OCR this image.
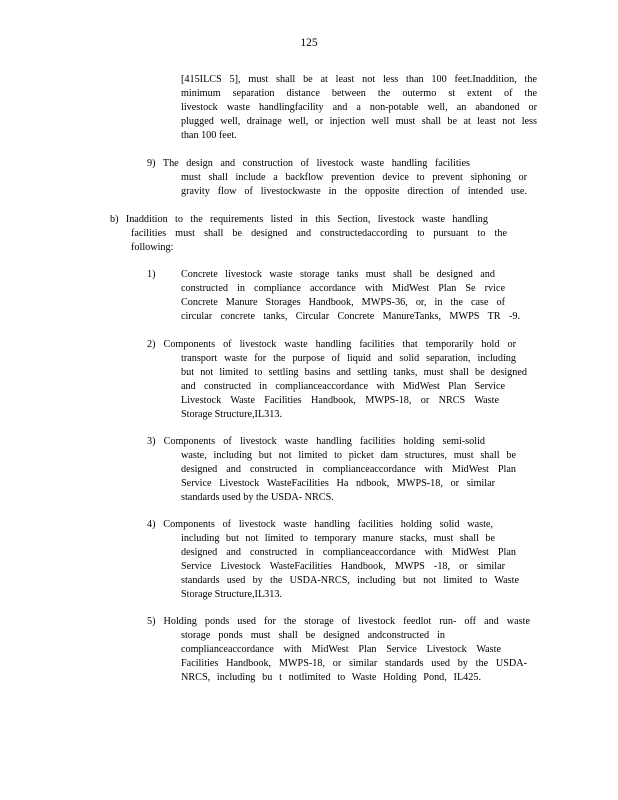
125
[415ILCS 5], must shall be at least not less than 100 feet.Inaddition, the
minimum separation distance between the outermo st extent of the
livestock waste handlingfacility and a non-potable well, an abandoned or
plugged well, drainage well, or injection well must shall be at least not less
than 100 feet.
9) The design and construction of livestock waste handling facilities
must shall include a backflow prevention device to prevent siphoning or
gravity flow of livestockwaste in the opposite direction of intended use.
b) Inaddition to the requirements listed in this Section, livestock waste handling
facilities must shall be designed and constructedaccording to pursuant to the
following:
1)	Concrete livestock waste storage tanks must shall be designed and
constructed in compliance accordance with MidWest Plan Se rvice
Concrete Manure Storages Handbook, MWPS-36, or, in the case of
circular concrete tanks, Circular Concrete ManureTanks, MWPS TR -9.
2) Components of livestock waste handling facilities that temporarily hold or
transport waste for the purpose of liquid and solid separation, including
but not limited to settling basins and settling tanks, must shall be designed
and constructed in complianceaccordance with MidWest Plan Service
Livestock Waste Facilities Handbook, MWPS-18, or NRCS Waste
Storage Structure,IL313.
3) Components of livestock waste handling facilities holding semi-solid
waste, including but not limited to picket dam structures, must shall be
designed and constructed in complianceaccordance with MidWest Plan
Service Livestock WasteFacilities Ha ndbook, MWPS-18, or similar
standards used by the USDA- NRCS.
4) Components of livestock waste handling facilities holding solid waste,
including but not limited to temporary manure stacks, must shall be
designed and constructed in complianceaccordance with MidWest Plan
Service Livestock WasteFacilities Handbook, MWPS -18, or similar
standards used by the USDA-NRCS, including but not limited to Waste
Storage Structure,IL313.
5) Holding ponds used for the storage of livestock feedlot run- off and waste
storage ponds must shall be designed andconstructed in
complianceaccordance with MidWest Plan Service Livestock Waste
Facilities Handbook, MWPS-18, or similar standards used by the USDA-
NRCS, including bu t notlimited to Waste Holding Pond, IL425.
